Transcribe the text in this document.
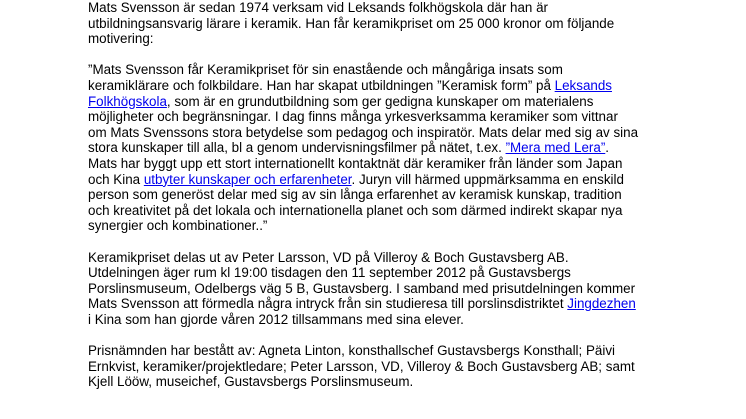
Mats Svensson är sedan 1974 verksam vid Leksands folkhögskola där han är
utbildningsansvarig lärare i keramik. Han får keramikpriset om 25 000 kronor om följande
motivering:

”Mats Svensson får Keramikpriset för sin enastående och mångåriga insats som
keramiklärare och folkbildare. Han har skapat utbildningen ”Keramisk form” på Leksands
Folkhögskola, som är en grundutbildning som ger gedigna kunskaper om materialens
möjligheter och begränsningar. I dag finns många yrkesverksamma keramiker som vittnar
om Mats Svenssons stora betydelse som pedagog och inspiratör. Mats delar med sig av sina
stora kunskaper till alla, bl a genom undervisningsfilmer på nätet, t.ex. ”Mera med Lera”.
Mats har byggt upp ett stort internationellt kontaktnät där keramiker från länder som Japan
och Kina utbyter kunskaper och erfarenheter. Juryn vill härmed uppmärksamma en enskild
person som generöst delar med sig av sin långa erfarenhet av keramisk kunskap, tradition
och kreativitet på det lokala och internationella planet och som därmed indirekt skapar nya
synergier och kombinationer..”

Keramikpriset delas ut av Peter Larsson, VD på Villeroy & Boch Gustavsberg AB.
Utdelningen äger rum kl 19:00 tisdagen den 11 september 2012 på Gustavsbergs
Porslinsmuseum, Odelbergs väg 5 B, Gustavsberg. I samband med prisutdelningen kommer
Mats Svensson att förmedla några intryck från sin studieresa till porslinsdistriktet Jingdezhen
i Kina som han gjorde våren 2012 tillsammans med sina elever.

Prisnämnden har bestått av: Agneta Linton, konsthallschef Gustavsbergs Konsthall; Päivi
Ernkvist, keramiker/projektledare; Peter Larsson, VD, Villeroy & Boch Gustavsberg AB; samt
Kjell Lööw, museichef, Gustavsbergs Porslinsmuseum.
